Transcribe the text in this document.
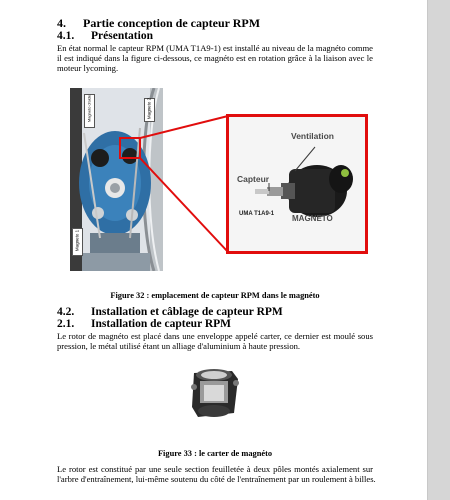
4. Partie conception de capteur RPM
4.1. Présentation
En état normal le capteur RPM (UMA T1A9-1) est installé au niveau de la magnéto comme
il est indiqué dans la figure ci-dessous, ce magnéto est en rotation grâce à la liaison avec le
moteur lycoming.
Magneto d'aide	Magneto 2
Magneto 1
Ventilation
Capteur
UMA T1A9-1 MAGNETO
Figure 32 : emplacement de capteur RPM dans le magnéto
4.2. Installation et câblage de capteur RPM
2.1. Installation de capteur RPM
Le rotor de magnéto est placé dans une enveloppe appelé carter, ce dernier est moulé sous
pression, le métal utilisé étant un alliage d'aluminium à haute pression.
Figure 33 : le carter de magnéto
Le rotor est constitué par une seule section feuilletée à deux pôles montés axialement sur
l'arbre d'entraînement, lui-même soutenu du côté de l'entraînement par un roulement à billes.
